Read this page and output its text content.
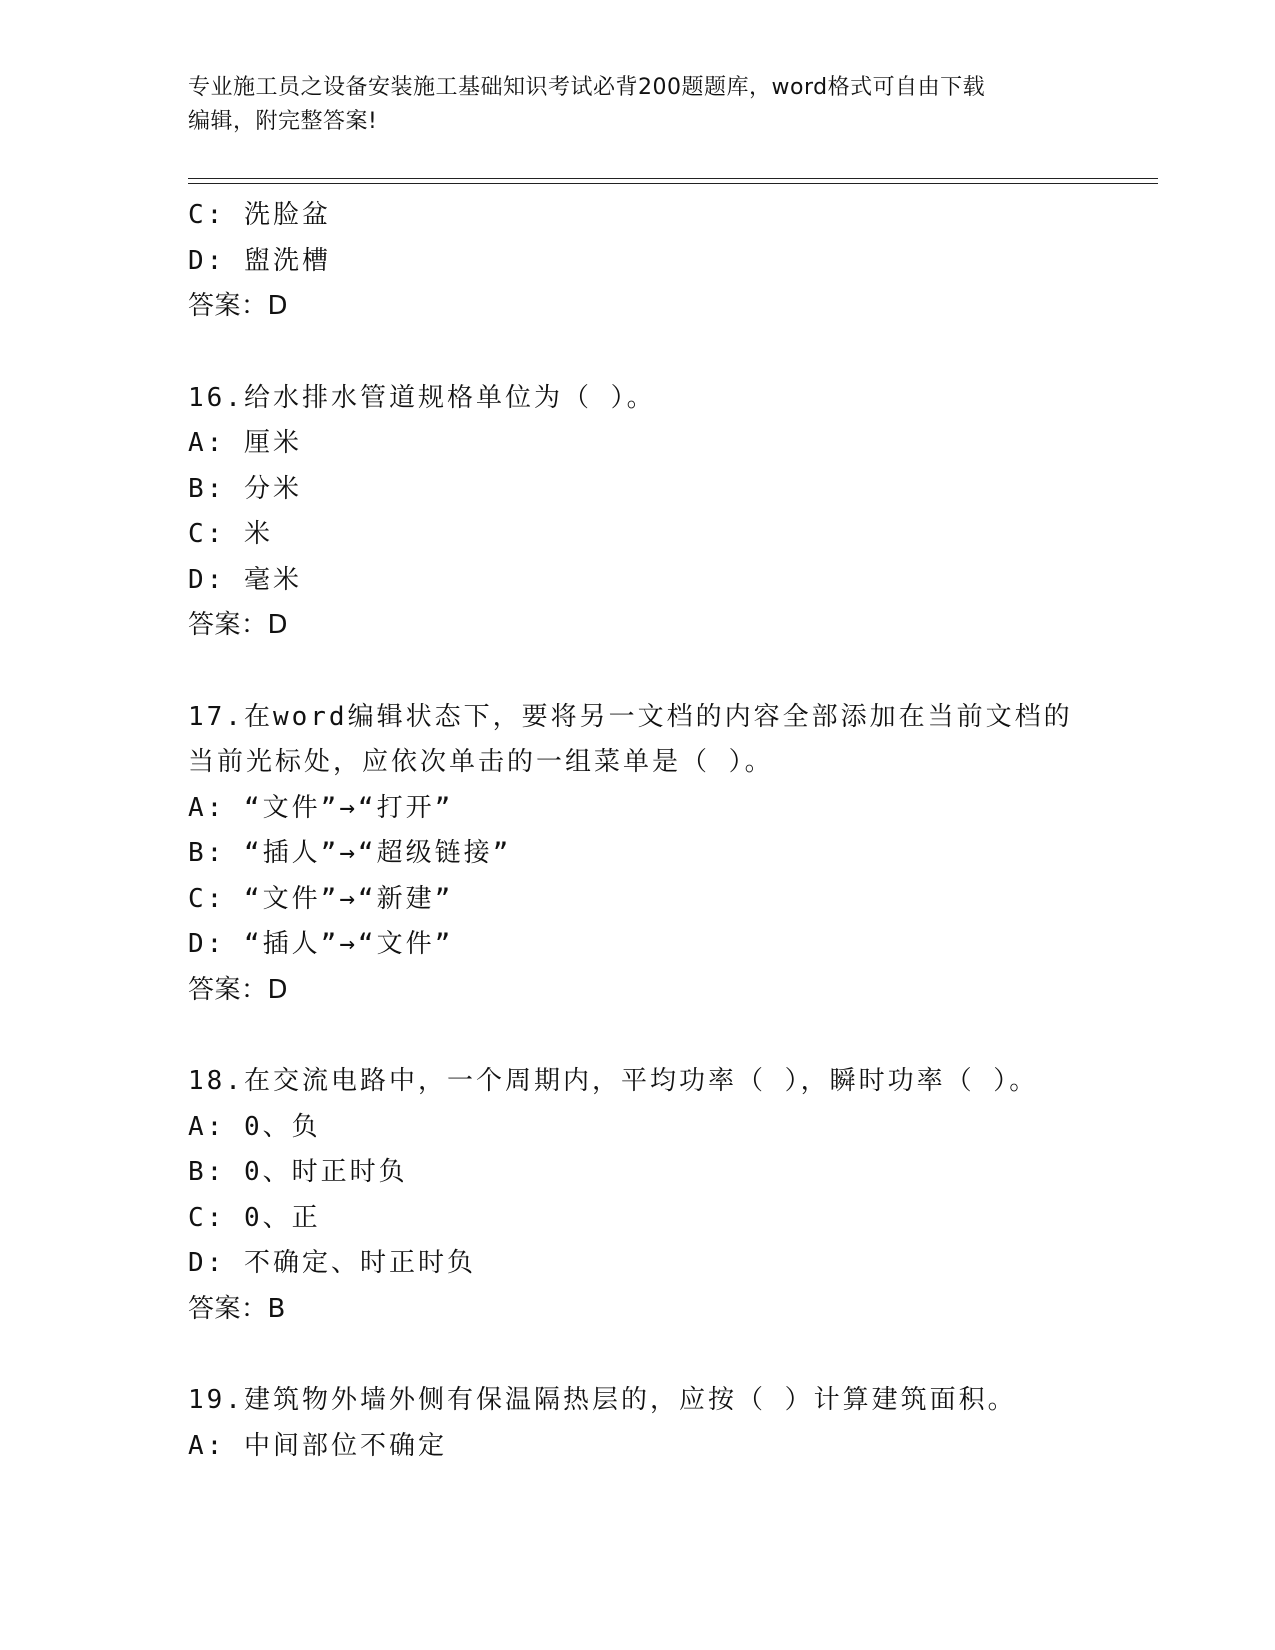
专业施工员之设备安装施工基础知识考试必背200题题库，word格式可自由下载
编辑，附完整答案!
C: 洗脸盆
D: 盥洗槽
答案：D
16.给水排水管道规格单位为（ ）。
A: 厘米
B: 分米
C: 米
D: 毫米
答案：D
17.在word编辑状态下，要将另一文档的内容全部添加在当前文档的
当前光标处，应依次单击的一组菜单是（ ）。
A: “文件”→“打开”
B: “插人”→“超级链接”
C: “文件”→“新建”
D: “插人”→“文件”
答案：D
18.在交流电路中，一个周期内，平均功率（ ），瞬时功率（ ）。
A: 0、负
B: 0、时正时负
C: 0、正
D: 不确定、时正时负
答案：B
19.建筑物外墙外侧有保温隔热层的，应按（ ）计算建筑面积。
A: 中间部位不确定
